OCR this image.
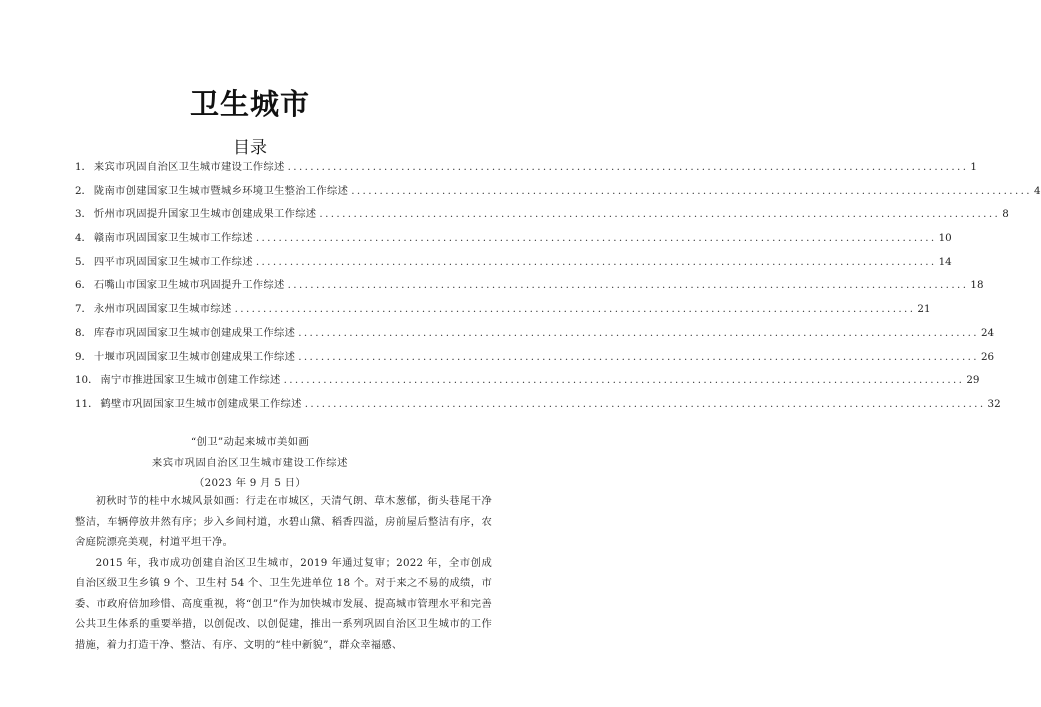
卫生城市
目录
1． 来宾市巩固自治区卫生城市建设工作综述 ........................................................................................................................ 1
2． 陇南市创建国家卫生城市暨城乡环境卫生整治工作综述 ........................................................................................................................ 4
3． 忻州市巩固提升国家卫生城市创建成果工作综述 ........................................................................................................................ 8
4． 赣南市巩固国家卫生城市工作综述 ........................................................................................................................ 10
5． 四平市巩固国家卫生城市工作综述 ........................................................................................................................ 14
6． 石嘴山市国家卫生城市巩固提升工作综述 ........................................................................................................................ 18
7． 永州市巩固国家卫生城市综述 ........................................................................................................................ 21
8． 库春市巩固国家卫生城市创建成果工作综述 ........................................................................................................................ 24
9． 十堰市巩固国家卫生城市创建成果工作综述 ........................................................................................................................ 26
10． 南宁市推进国家卫生城市创建工作综述 ........................................................................................................................ 29
11． 鹤壁市巩固国家卫生城市创建成果工作综述 ........................................................................................................................ 32
“创卫”动起来城市美如画
来宾市巩固自治区卫生城市建设工作综述
（2023 年 9 月 5 日）

初秋时节的桂中水城风景如画：行走在市城区，天清气朗、草木葱郁，街头巷尾干净整洁，车辆停放井然有序；步入乡间村道，水碧山黛、稻香四溢，房前屋后整洁有序，农舍庭院漂亮美观，村道平坦干净。

2015 年，我市成功创建自治区卫生城市，2019 年通过复审；2022 年，全市创成自治区级卫生乡镇 9 个、卫生村 54 个、卫生先进单位 18 个。对于来之不易的成绩，市委、市政府倍加珍惜、高度重视，将“创卫”作为加快城市发展、提高城市管理水平和完善公共卫生体系的重要举措，以创促改、以创促建，推出一系列巩固自治区卫生城市的工作措施，着力打造干净、整洁、有序、文明的“桂中新貌”，群众幸福感、
